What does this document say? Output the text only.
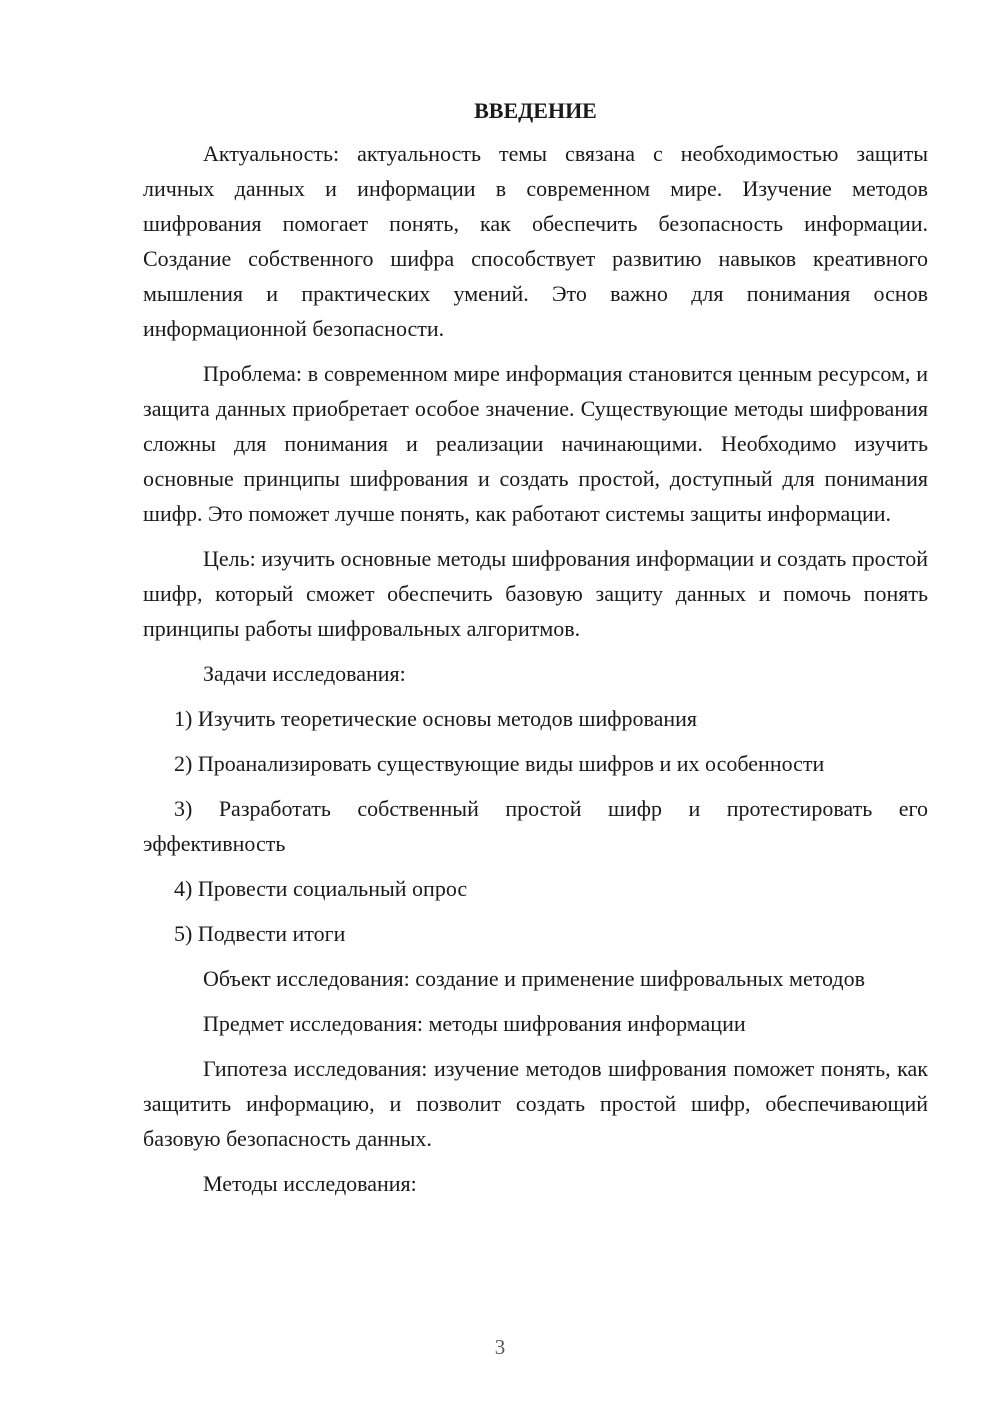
ВВЕДЕНИЕ

Актуальность: актуальность темы связана с необходимостью защиты личных данных и информации в современном мире. Изучение методов шифрования помогает понять, как обеспечить безопасность информации. Создание собственного шифра способствует развитию навыков креативного мышления и практических умений. Это важно для понимания основ информационной безопасности.

Проблема: в современном мире информация становится ценным ресурсом, и защита данных приобретает особое значение. Существующие методы шифрования сложны для понимания и реализации начинающими. Необходимо изучить основные принципы шифрования и создать простой, доступный для понимания шифр. Это поможет лучше понять, как работают системы защиты информации.

Цель: изучить основные методы шифрования информации и создать простой шифр, который сможет обеспечить базовую защиту данных и помочь понять принципы работы шифровальных алгоритмов.

Задачи исследования:

1) Изучить теоретические основы методов шифрования

2) Проанализировать существующие виды шифров и их особенности

3) Разработать собственный простой шифр и протестировать его эффективность

4) Провести социальный опрос

5) Подвести итоги

Объект исследования: создание и применение шифровальных методов

Предмет исследования: методы шифрования информации

Гипотеза исследования: изучение методов шифрования поможет понять, как защитить информацию, и позволит создать простой шифр, обеспечивающий базовую безопасность данных.

Методы исследования:

3
